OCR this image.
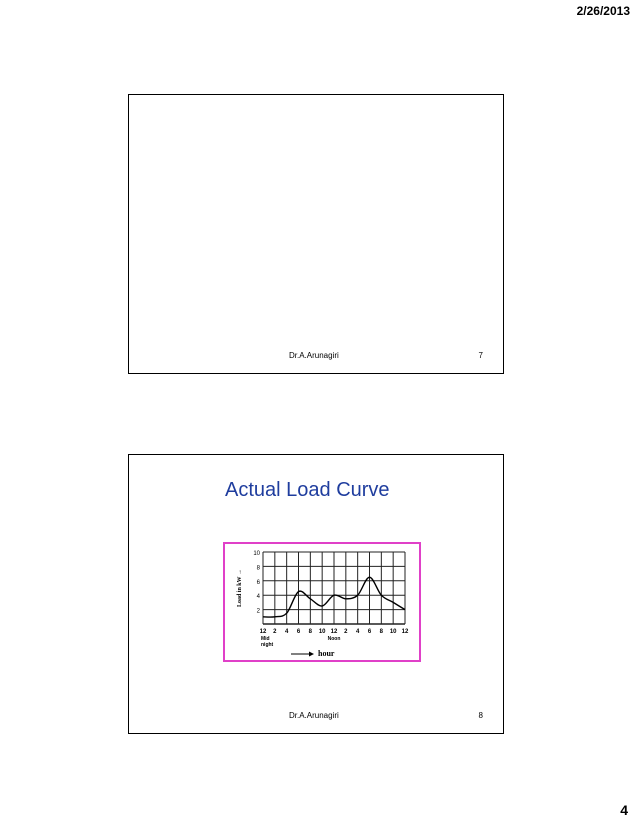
2/26/2013
Dr.A.Arunagiri	7
Actual Load Curve
2
4
6
8
10
12 2 4 6 8 10 12 2 4 6 8 10 12
Mid
night
Noon
Load in kW →
hour
Dr.A.Arunagiri	8
4
